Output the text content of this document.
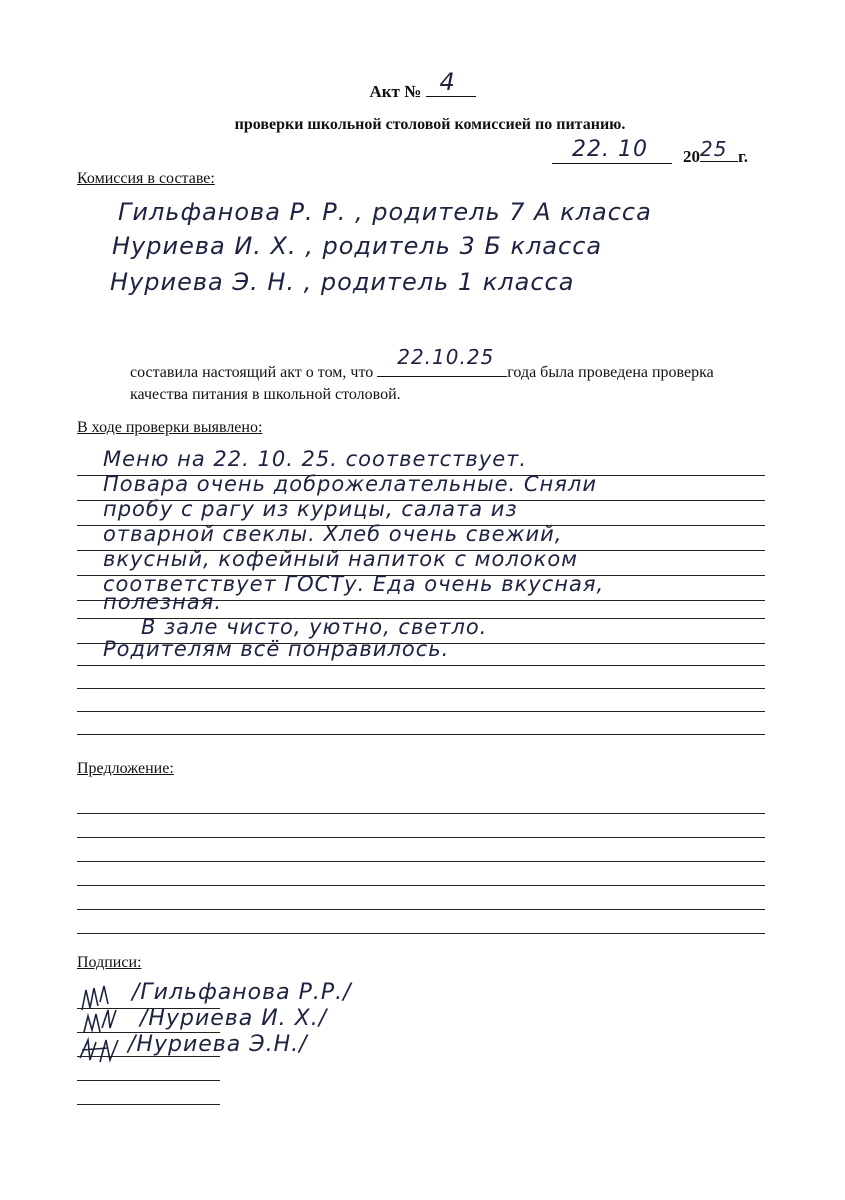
Акт № 4
проверки школьной столовой комиссией по питанию.
22. 10 20 25 г.
Комиссия в составе:
Гильфанова Р. Р. , родитель 7 А класса
Нуриева И. Х. , родитель 3 Б класса
Нуриева Э. Н. , родитель 1 класса
составила настоящий акт о том, что
22.10.25
года была проведена проверка
качества питания в школьной столовой.
В ходе проверки выявлено:
Меню на 22. 10. 25. соответствует.
Повара очень доброжелательные. Сняли
пробу с рагу из курицы, салата из
отварной свеклы. Хлеб очень свежий,
вкусный, кофейный напиток с молоком
соответствует ГОСТу. Еда очень вкусная,
полезная.
В зале чисто, уютно, светло.
Родителям всё понравилось.
Предложение:
Подписи:
/Гильфанова Р.Р./
/Нуриева И. Х./
/Нуриева Э.Н./
